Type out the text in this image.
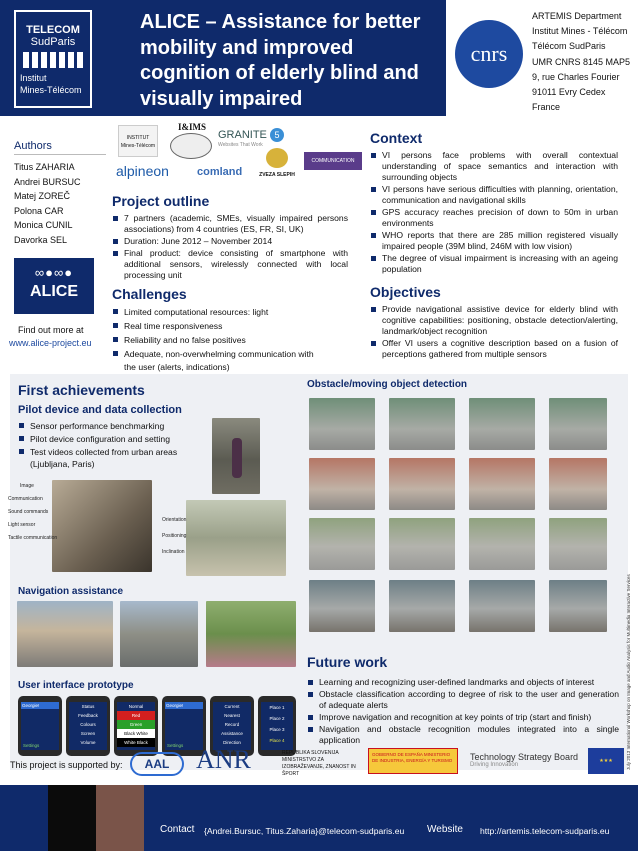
TELECOM
SudParis
Institut
Mines-Télécom
ALICE – Assistance for better mobility and improved cognition of elderly blind and visually impaired
cnrs
ARTEMIS Department
Institut Mines - Télécom
Télécom SudParis
UMR CNRS 8145 MAP5
9, rue Charles Fourier
91011 Evry Cedex
France
Authors
Titus ZAHARIA
Andrei BURSUC
Matej ZOREČ
Polona CAR
Monica CUNIL
Davorka SEL
∞●∞●
ALICE
Find out more at
www.alice-project.eu
INSTITUT Mines-Télécom
I&IMS
GRANITE 5
Websites That Work
alpineon	comland
COMMUNICATION
ZVEZA SLEPIH
Project outline
7 partners (academic, SMEs, visually impaired persons associations) from 4 countries (ES, FR, SI, UK)
Duration: June 2012 – November 2014
Final product: device consisting of smartphone with additional sensors, wirelessly connected with local processing unit
Challenges
Limited computational resources: light
Real time responsiveness
Reliability and no false positives
Adequate, non-overwhelming communication with the user (alerts, indications)
Context
VI persons face problems with overall contextual understanding of space semantics and interaction with surrounding objects
VI persons have serious difficulties with planning, orientation, communication and navigational skills
GPS accuracy reaches precision of down to 50m in urban environments
WHO reports that there are 285 million registered visually impaired people (39M blind, 246M with low vision)
The degree of visual impairment is increasing with an ageing population
Objectives
Provide navigational assistive device for elderly blind with cognitive capabilities: positioning, obstacle detection/alerting, landmark/object recognition
Offer VI users a cognitive description based on a fusion of perceptions gathered from multiple sensors
First achievements
Pilot device and data collection
Sensor performance benchmarking
Pilot device configuration and setting
Test videos collected from urban areas (Ljubljana, Paris)
Image
Communication
Sound commands
Light sensor
Tactile communication
Orientation
Positioning
Inclination
Obstacle/moving object detection
Navigation assistance
User interface prototype
Georgie!
Settings
Status
Feedback
Colours
Screen
Volume
Normal
Red
Green
Black White
White Black
Georgie!
Settings
Current
Nearest
Record
Assistance
Direction
Place 1
Place 2
Place 3
Place 4
Future work
Learning and recognizing user-defined landmarks and objects of interest
Obstacle classification according to degree of risk to the user and generation of adequate alerts
Improve navigation and recognition at key points of trip (start and finish)
Navigation and obstacle recognition modules integrated into a single application	July 2013 International Workshop on Image and Audio Analysis for Multimedia Interactive Services
This project is supported by:	AAL	ANR	REPUBLIKA SLOVENIJA MINISTRSTVO ZA IZOBRAŽEVANJE, ZNANOST IN ŠPORT
GOBIERNO DE ESPAÑA MINISTERIO DE INDUSTRIA, ENERGÍA Y TURISMO	Technology Strategy Board
Driving Innovation
★★★
Contact {Andrei.Bursuc, Titus.Zaharia}@telecom-sudparis.eu Website http://artemis.telecom-sudparis.eu
